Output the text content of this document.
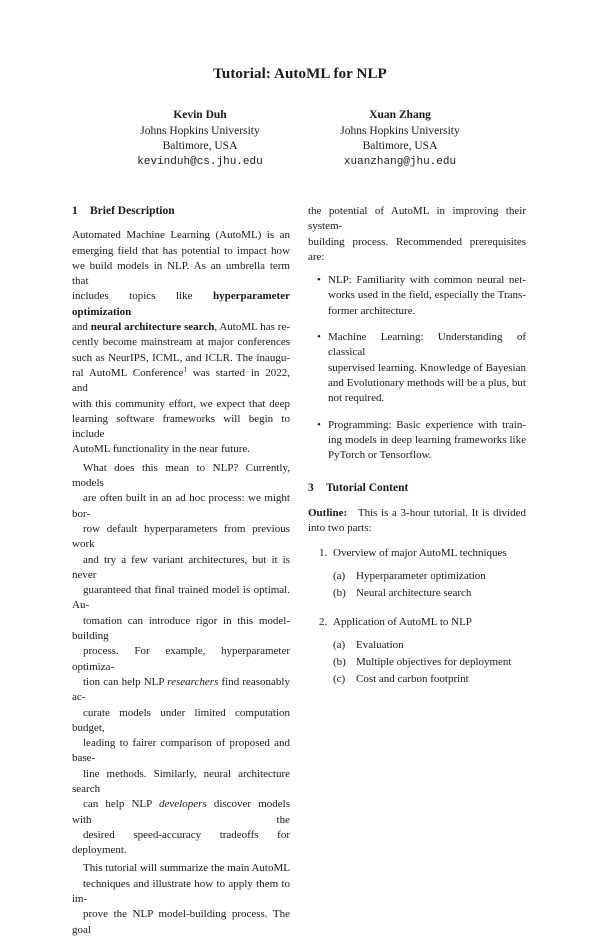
Tutorial: AutoML for NLP
Kevin Duh
Johns Hopkins University
Baltimore, USA
kevinduh@cs.jhu.edu
Xuan Zhang
Johns Hopkins University
Baltimore, USA
xuanzhang@jhu.edu
1 Brief Description

Automated Machine Learning (AutoML) is an
emerging field that has potential to impact how
we build models in NLP. As an umbrella term that
includes topics like hyperparameter optimization
and neural architecture search, AutoML has re-
cently become mainstream at major conferences
such as NeurIPS, ICML, and ICLR. The inaugu-
ral AutoML Conference$^1$ was started in 2022, and
with this community effort, we expect that deep
learning software frameworks will begin to include
AutoML functionality in the near future.

What does this mean to NLP? Currently, models
are often built in an ad hoc process: we might bor-
row default hyperparameters from previous work
and try a few variant architectures, but it is never
guaranteed that final trained model is optimal. Au-
tomation can introduce rigor in this model-building
process. For example, hyperparameter optimiza-
tion can help NLP researchers find reasonably ac-
curate models under limited computation budget,
leading to fairer comparison of proposed and base-
line methods. Similarly, neural architecture search
can help NLP developers discover models with the
desired speed-accuracy tradeoffs for deployment.

This tutorial will summarize the main AutoML
techniques and illustrate how to apply them to im-
prove the NLP model-building process. The goal

the potential of AutoML in improving their system-
building process. Recommended prerequisites are:

• NLP: Familiarity with common neural net-
works used in the field, especially the Trans-
former architecture.
• Machine Learning: Understanding of classical
supervised learning. Knowledge of Bayesian
and Evolutionary methods will be a plus, but
not required.
• Programming: Basic experience with train-
ing models in deep learning frameworks like
PyTorch or Tensorflow.
3 Tutorial Content

Outline: This is a 3-hour tutorial. It is divided
into two parts:

1. Overview of major AutoML techniques
(a) Hyperparameter optimization
(b) Neural architecture search
2. Application of AutoML to NLP
(a) Evaluation
(b) Multiple objectives for deployment
(c) Cost and carbon footprint
